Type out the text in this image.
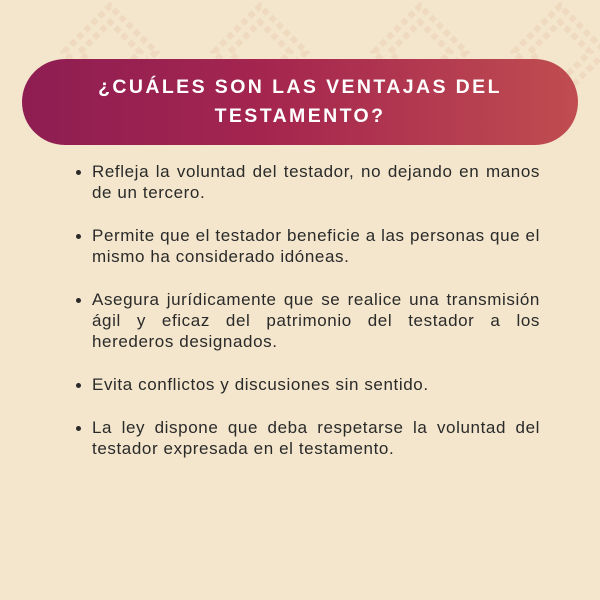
¿CUÁLES SON LAS VENTAJAS DEL TESTAMENTO?
Refleja la voluntad del testador, no dejando en manos de un tercero.
Permite que el testador beneficie a las personas que el mismo ha considerado idóneas.
Asegura jurídicamente que se realice una transmisión ágil y eficaz del patrimonio del testador a los herederos designados.
Evita conflictos y discusiones sin sentido.
La ley dispone que deba respetarse la voluntad del testador expresada en el testamento.
